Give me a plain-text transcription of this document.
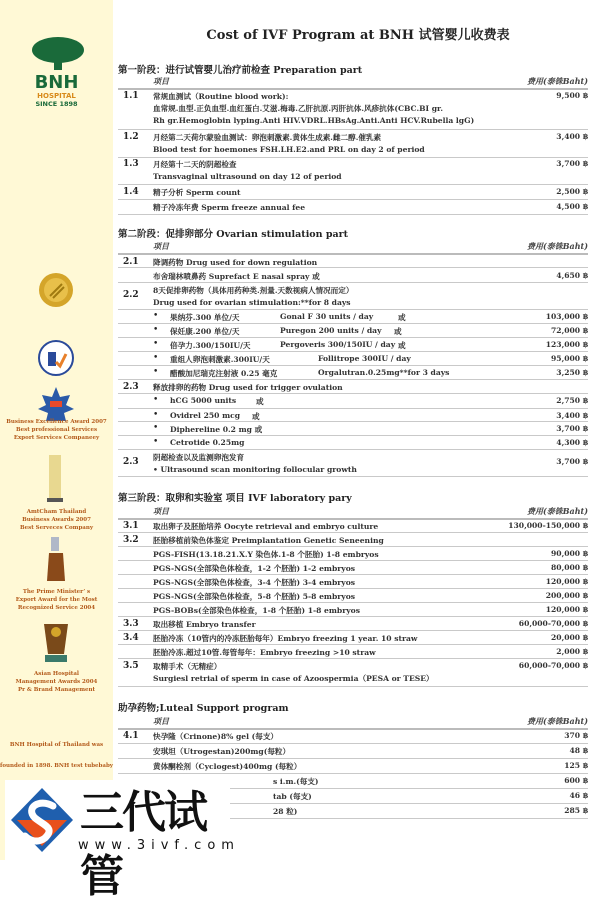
BNH
HOSPITAL
SINCE 1898
Business Excellence Award 2007
Best professional Services
Export Services Companeey
AmtCham Thailand
Business Awards 2007
Best Serveces Company
The Prime Minister’ s
Export Award for the Most
Recognized Service 2004
Asian Hospital
Management Awards 2004
Pr & Brand Management
BNH Hospital of Thailand was
founded in 1898. BNH test tubebaby
Cost of IVF Program at BNH 试管婴儿收费表
第一阶段：进行试管婴儿治疗前检查 Preparation part
项目	费用(泰铢Baht)
1.1 常规血测试（Routine blood work):
血常规.血型.正负血型.血红蛋白.艾滋.梅毒.乙肝抗原.丙肝抗体.风疹抗体(CBC.BI gr.
Rh gr.Hemoglobin lyping.Anti HIV.VDRL.HBsAg.Anti.Anti HCV.Rubella lgG)
9,500 ฿
1.2 月经第二天荷尔蒙验血测试：卵泡刺激素.黄体生成素.雌二醇.催乳素
Blood test for hoemones FSH.LH.E2.and PRL on day 2 of period
3,400 ฿
1.3 月经第十二天的阴超检查
Transvaginal ultrasound on day 12 of period
3,700 ฿
1.4 精子分析 Sperm count	2,500 ฿
精子冷冻年费 Sperm freeze annual fee	4,500 ฿
第二阶段：促排卵部分 Ovarian stimulation part
项目	费用(泰铢Baht)
2.1 降调药物 Drug used for down regulation
布舍瑞林喷鼻药 Suprefact E nasal spray 或	4,650 ฿
2.2 8天促排卵药物（具体用药种类.剂量.天数视病人情况而定）
Drug used for ovarian stimulation:**for 8 days
• 果纳芬.300 单位/天	Gonal F 30 units / day	或	103,000 ฿
• 保妊康.200 单位/天	Puregon 200 units / day 或	72,000 ฿
• 倍孕力.300/150IU/天	Pergoveris 300/150IU / day 或	123,000 ฿
• 重组人卵泡刺激素.300IU/天	Follitrope 300IU / day	95,000 ฿
• 醋酸加尼瑞克注射液 0.25 毫克	Orgalutran.0.25mg**for 3 days	3,250 ฿
2.3 释放排卵的药物 Drug used for trigger ovulation
• hCG 5000 units	或	2,750 ฿
• Ovidrel 250 mcg 或	3,400 ฿
• Diphereline 0.2 mg 或	3,700 ฿
• Cetrotide 0.25mg	4,300 ฿
2.3 阴超检查以及监测卵泡发育
• Ultrasound scan monitoring follocular growth
3,700 ฿
第三阶段：取卵和实验室 项目 IVF laboratory pary
项目	费用(泰铢Baht)
3.1 取出卵子及胚胎培养 Oocyte retrieval and embryo culture	130,000-150,000 ฿
3.2 胚胎移植前染色体鉴定 Preimplantation Genetic Seneening
PGS-FISH(13.18.21.X.Y 染色体.1-8 个胚胎) 1-8 embryos	90,000 ฿
PGS-NGS(全部染色体检查，1-2 个胚胎) 1-2 embryos	80,000 ฿
PGS-NGS(全部染色体检查，3-4 个胚胎) 3-4 embryos	120,000 ฿
PGS-NGS(全部染色体检查，5-8 个胚胎) 5-8 embryos	200,000 ฿
PGS-BOBs(全部染色体检查，1-8 个胚胎) 1-8 embryos	120,000 ฿
3.3 取出移植 Embryo transfer	60,000-70,000 ฿
3.4 胚胎冷冻（10管内的冷冻胚胎每年）Embryo freezing 1 year. 10 straw	20,000 ฿
胚胎冷冻.超过10管.每管每年：Embryo freezing >10 straw	2,000 ฿
3.5 取精手术（无精症）
Surgiesl retrial of sperm in case of Azoospermia（PESA or TESE）
60,000-70,000 ฿
助孕药物;Luteal Support program
项目	费用(泰铢Baht)
4.1 快孕隆（Crinone)8% gel (每支）	370 ฿
安琪坦（Utrogestan)200mg(每粒）	48 ฿
黄体酮栓剂（Cyclogest)400mg (每粒）	125 ฿
s i.m.(每支)	600 ฿
tab (每支)	46 ฿
28 粒)	285 ฿
三代试管
www.3ivf.com
